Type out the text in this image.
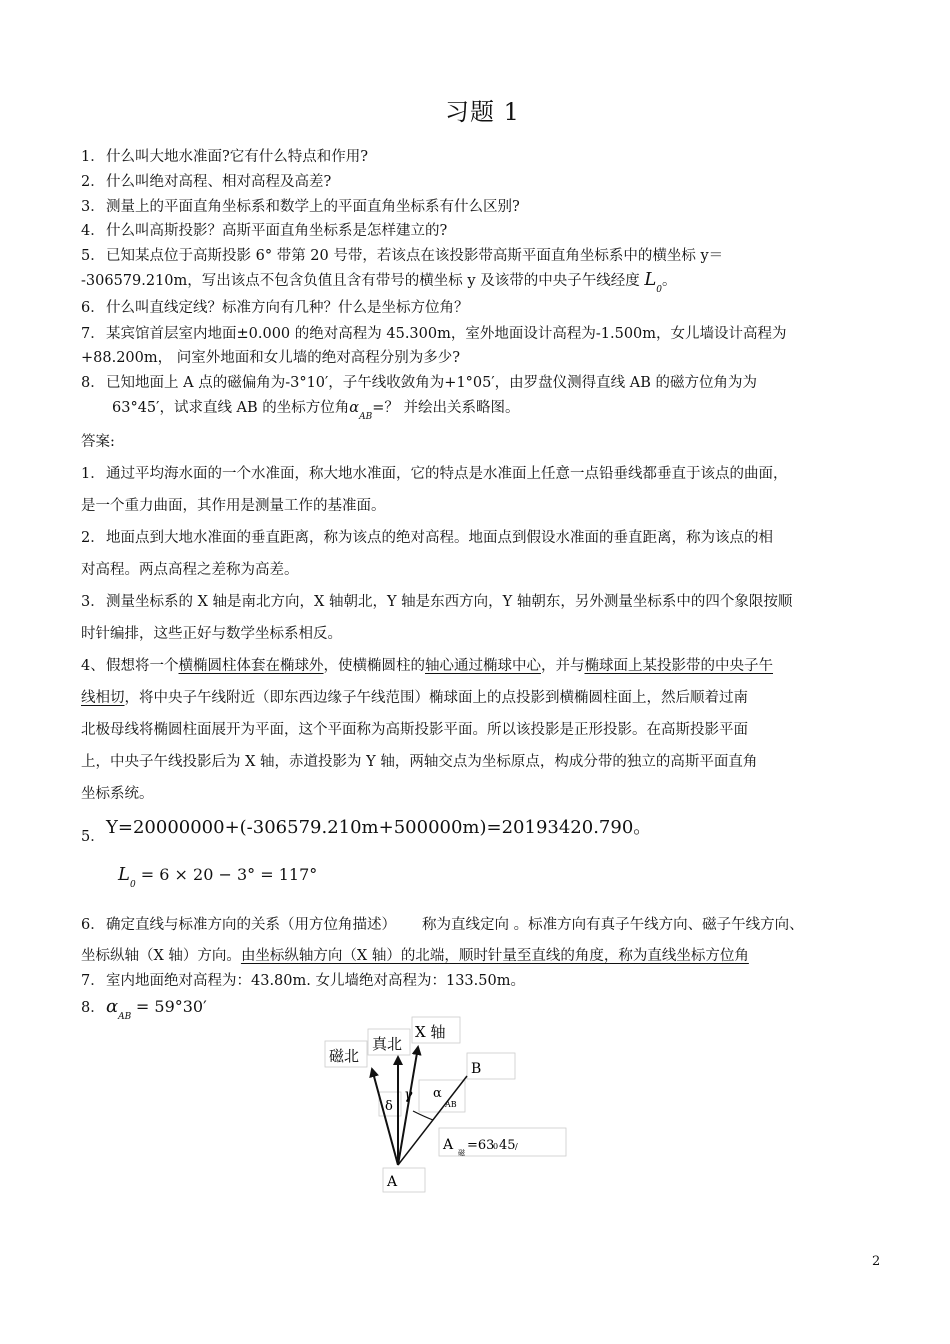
习题 1
1．什么叫大地水准面?它有什么特点和作用?
2．什么叫绝对高程、相对高程及高差?
3．测量上的平面直角坐标系和数学上的平面直角坐标系有什么区别?
4．什么叫高斯投影？高斯平面直角坐标系是怎样建立的?
5．已知某点位于高斯投影 6° 带第 20 号带，若该点在该投影带高斯平面直角坐标系中的横坐标 y＝
-306579.210m，写出该点不包含负值且含有带号的横坐标 y 及该带的中央子午线经度 $L_0$。
6．什么叫直线定线？标准方向有几种？什么是坐标方位角？
7．某宾馆首层室内地面±0.000 的绝对高程为 45.300m，室外地面设计高程为-1.500m，女儿墙设计高程为
+88.200m， 问室外地面和女儿墙的绝对高程分别为多少?
8．已知地面上 A 点的磁偏角为-3°10′，子午线收敛角为+1°05′，由罗盘仪测得直线 AB 的磁方位角为为
63°45′，试求直线 AB 的坐标方位角$\alpha_{AB}=$？ 并绘出关系略图。
答案:
1．通过平均海水面的一个水准面，称大地水准面，它的特点是水准面上任意一点铅垂线都垂直于该点的曲面，
是一个重力曲面，其作用是测量工作的基准面。
2．地面点到大地水准面的垂直距离，称为该点的绝对高程。地面点到假设水准面的垂直距离，称为该点的相
对高程。两点高程之差称为高差。
3．测量坐标系的 X 轴是南北方向，X 轴朝北，Y 轴是东西方向，Y 轴朝东，另外测量坐标系中的四个象限按顺
时针编排，这些正好与数学坐标系相反。
4、假想将一个横椭圆柱体套在椭球外，使横椭圆柱的轴心通过椭球中心，并与椭球面上某投影带的中央子午
线相切，将中央子午线附近（即东西边缘子午线范围）椭球面上的点投影到横椭圆柱面上，然后顺着过南
北极母线将椭圆柱面展开为平面，这个平面称为高斯投影平面。所以该投影是正形投影。在高斯投影平面
上，中央子午线投影后为 X 轴，赤道投影为 Y 轴，两轴交点为坐标原点，构成分带的独立的高斯平面直角
坐标系统。
5．Y=20000000+(-306579.210m+500000m)=20193420.790。
$L_0 = 6 \times 20 - 3^\circ = 117^\circ$
6．确定直线与标准方向的关系（用方位角描述） 称为直线定向 。标准方向有真子午线方向、磁子午线方向、
坐标纵轴（X 轴）方向。由坐标纵轴方向（X 轴）的北端，顺时针量至直线的角度，称为直线坐标方位角
7．室内地面绝对高程为：43.80m. 女儿墙绝对高程为：133.50m。
8．$\alpha_{AB} = 59^\circ 30'$
磁北
真北
X 轴
B
δ
γ α
AB
A 磁 =63
0 45 /
A
2
